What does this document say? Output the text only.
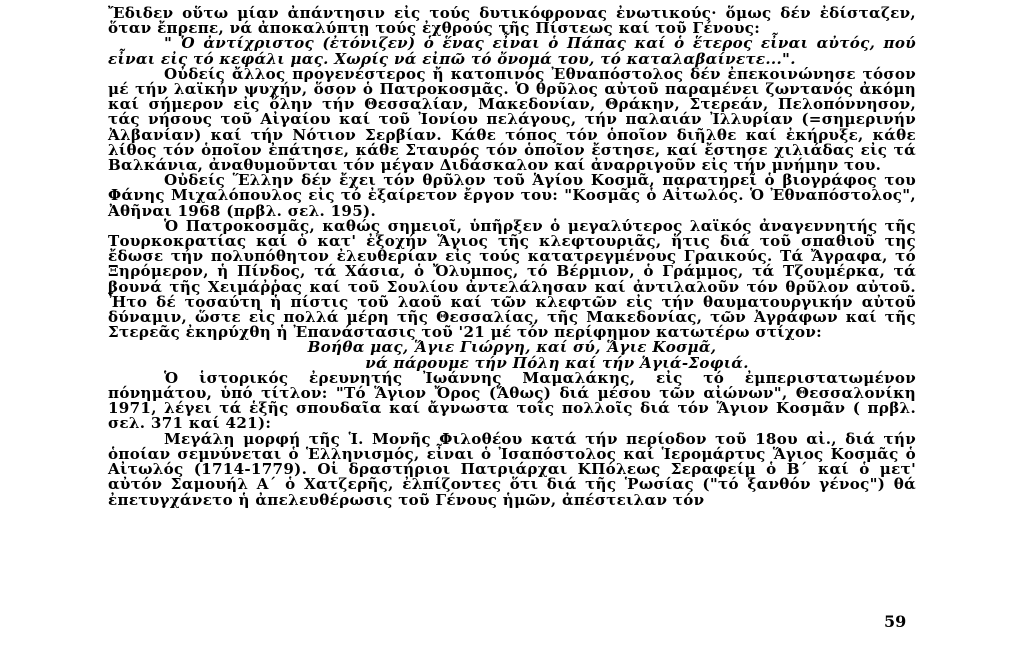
Ἔδιδεν οὕτω μίαν ἀπάντησιν εἰς τούς δυτικόφρονας ἐνωτικούς· ὅμως δέν ἐδίσταζεν, ὅταν ἔπρεπε, νά ἀποκαλύπτῃ τούς ἐχθρούς τῆς Πίστεως καί τοῦ Γένους:

" Ὁ ἀντίχριστος (ἐτόνιζεν) ὁ ἕνας εἶναι ὁ Πάπας καί ὁ ἕτερος εἶναι αὐτός, πού εἶναι εἰς τό κεφάλι μας. Χωρίς νά εἰπῶ τό ὄνομά του, τό καταλαβαίνετε...".

Οὐδείς ἄλλος προγενέστερος ἤ κατοπινός Ἐθναπόστολος δέν ἐπεκοινώνησε τόσον μέ τήν λαϊκήν ψυχήν, ὅσον ὁ Πατροκοσμᾶς. Ὁ θρῦλος αὐτοῦ παραμένει ζωντανός ἀκόμη καί σήμερον εἰς ὅλην τήν Θεσσαλίαν, Μακεδονίαν, Θράκην, Στερεάν, Πελοπόννησον, τάς νήσους τοῦ Αἰγαίου καί τοῦ Ἰονίου πελάγους, τήν παλαιάν Ἰλλυρίαν (=σημερινήν Ἀλβανίαν) καί τήν Νότιον Σερβίαν. Κάθε τόπος τόν ὁποῖον διῆλθε καί ἐκήρυξε, κάθε λίθος τόν ὁποῖον ἐπάτησε, κάθε Σταυρός τόν ὁποῖον ἔστησε, καί ἔστησε χιλιάδας εἰς τά Βαλκάνια, ἀναθυμοῦνται τόν μέγαν Διδάσκαλον καί ἀναρριγοῦν εἰς τήν μνήμην του.

Οὐδείς Ἕλλην δέν ἔχει τόν θρῦλον τοῦ Ἁγίου Κοσμᾶ, παρατηρεῖ ὁ βιογράφος του Φάνης Μιχαλόπουλος εἰς τό ἐξαίρετον ἔργον του: "Κοσμᾶς ὁ Αἰτωλός. Ὁ Ἐθναπόστολος", Ἀθῆναι 1968 (πρβλ. σελ. 195).

Ὁ Πατροκοσμᾶς, καθώς σημειοῖ, ὑπῆρξεν ὁ μεγαλύτερος λαϊκός ἀναγεννητής τῆς Τουρκοκρατίας καί ὁ κατ' ἐξοχήν Ἅγιος τῆς κλεφτουριᾶς, ἥτις διά τοῦ σπαθιοῦ της ἔδωσε τήν πολυπόθητον ἐλευθερίαν εἰς τούς κατατρεγμένους Γραικούς. Τά Ἄγραφα, τό Ξηρόμερον, ἡ Πίνδος, τά Χάσια, ὁ Ὄλυμπος, τό Βέρμιον, ὁ Γράμμος, τά Τζουμέρκα, τά βουνά τῆς Χειμάῤῥας καί τοῦ Σουλίου ἀντελάλησαν καί ἀντιλαλοῦν τόν θρῦλον αὐτοῦ. Ἦτο δέ τοσαύτη ἡ πίστις τοῦ λαοῦ καί τῶν κλεφτῶν εἰς τήν θαυματουργικήν αὐτοῦ δύναμιν, ὥστε εἰς πολλά μέρη τῆς Θεσσαλίας, τῆς Μακεδονίας, τῶν Ἀγράφων καί τῆς Στερεᾶς ἐκηρύχθη ἡ Ἐπανάστασις τοῦ '21 μέ τόν περίφημον κατωτέρω στίχον:

Βοήθα μας, Ἅγιε Γιώργη, καί σύ, Ἅγιε Κοσμᾶ,
νά πάρουμε τήν Πόλη καί τήν Ἁγιά-Σοφιά.

Ὁ ἱστορικός ἐρευνητής Ἰωάννης Μαμαλάκης, εἰς τό ἐμπεριστατωμένον πόνημάτου, ὑπό τίτλον: "Τό Ἅγιον Ὄρος (Ἄθως) διά μέσου τῶν αἰώνων", Θεσσαλονίκη 1971, λέγει τά ἑξῆς σπουδαῖα καί ἄγνωστα τοῖς πολλοῖς διά τόν Ἅγιον Κοσμᾶν ( πρβλ. σελ. 371 καί 421):

Μεγάλη μορφή τῆς Ἱ. Μονῆς Φιλοθέου κατά τήν περίοδον τοῦ 18ου αἰ., διά τήν ὁποίαν σεμνύνεται ὁ Ἑλληνισμός, εἶναι ὁ Ἰσαπόστολος καί Ἱερομάρτυς Ἅγιος Κοσμᾶς ὁ Αἰτωλός (1714-1779). Οἱ δραστήριοι Πατριάρχαι ΚΠόλεως Σεραφείμ ὁ Β΄ καί ὁ μετ' αὐτόν Σαμουήλ Α΄ ὁ Χατζερῆς, ἐλπίζοντες ὅτι διά τῆς Ῥωσίας ("τό ξανθόν γένος") θά ἐπετυγχάνετο ἡ ἀπελευθέρωσις τοῦ Γένους ἡμῶν, ἀπέστειλαν τόν

59
